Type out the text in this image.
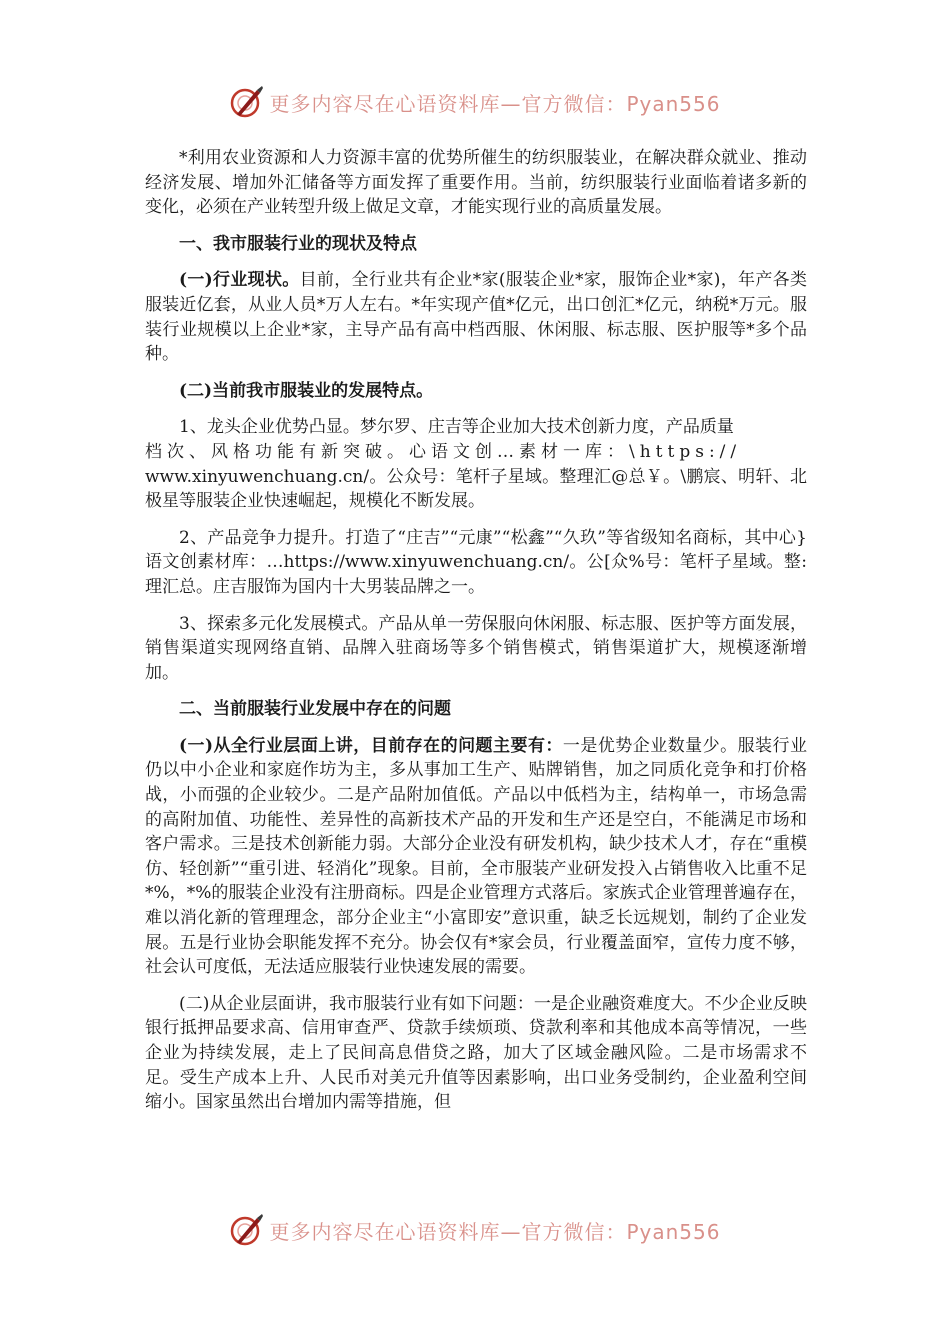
更多内容尽在心语资料库—官方微信：Pyan556

*利用农业资源和人力资源丰富的优势所催生的纺织服装业，在解决群众就业、推动经济发展、增加外汇储备等方面发挥了重要作用。当前，纺织服装行业面临着诸多新的变化，必须在产业转型升级上做足文章，才能实现行业的高质量发展。

一、我市服装行业的现状及特点

(一)行业现状。目前，全行业共有企业*家(服装企业*家，服饰企业*家)，年产各类服装近亿套，从业人员*万人左右。*年实现产值*亿元，出口创汇*亿元，纳税*万元。服装行业规模以上企业*家，主导产品有高中档西服、休闲服、标志服、医护服等*多个品种。

(二)当前我市服装业的发展特点。

1、龙头企业优势凸显。梦尔罗、庄吉等企业加大技术创新力度，产品质量
档次、风格功能有新突破。心语文创…素材一库：\https://
www.xinyuwenchuang.cn/。公众号：笔杆子星域。整理汇@总￥。\鹏宸、明轩、北极星等服装企业快速崛起，规模化不断发展。

2、产品竞争力提升。打造了“庄吉”“元康”“松鑫”“久玖”等省级知名商标，其中心}语文创素材库：…https://www.xinyuwenchuang.cn/。公[众%号：笔杆子星域。整:理汇总。庄吉服饰为国内十大男装品牌之一。

3、探索多元化发展模式。产品从单一劳保服向休闲服、标志服、医护等方面发展，销售渠道实现网络直销、品牌入驻商场等多个销售模式，销售渠道扩大，规模逐渐增加。

二、当前服装行业发展中存在的问题

(一)从全行业层面上讲，目前存在的问题主要有：一是优势企业数量少。服装行业仍以中小企业和家庭作坊为主，多从事加工生产、贴牌销售，加之同质化竞争和打价格战，小而强的企业较少。二是产品附加值低。产品以中低档为主，结构单一，市场急需的高附加值、功能性、差异性的高新技术产品的开发和生产还是空白，不能满足市场和客户需求。三是技术创新能力弱。大部分企业没有研发机构，缺少技术人才，存在“重模仿、轻创新”“重引进、轻消化”现象。目前，全市服装产业研发投入占销售收入比重不足*%，*%的服装企业没有注册商标。四是企业管理方式落后。家族式企业管理普遍存在，难以消化新的管理理念，部分企业主“小富即安”意识重，缺乏长远规划，制约了企业发展。五是行业协会职能发挥不充分。协会仅有*家会员，行业覆盖面窄，宣传力度不够，社会认可度低，无法适应服装行业快速发展的需要。

(二)从企业层面讲，我市服装行业有如下问题：一是企业融资难度大。不少企业反映银行抵押品要求高、信用审查严、贷款手续烦琐、贷款利率和其他成本高等情况，一些企业为持续发展，走上了民间高息借贷之路，加大了区域金融风险。二是市场需求不足。受生产成本上升、人民币对美元升值等因素影响，出口业务受制约，企业盈利空间缩小。国家虽然出台增加内需等措施，但

更多内容尽在心语资料库—官方微信：Pyan556
